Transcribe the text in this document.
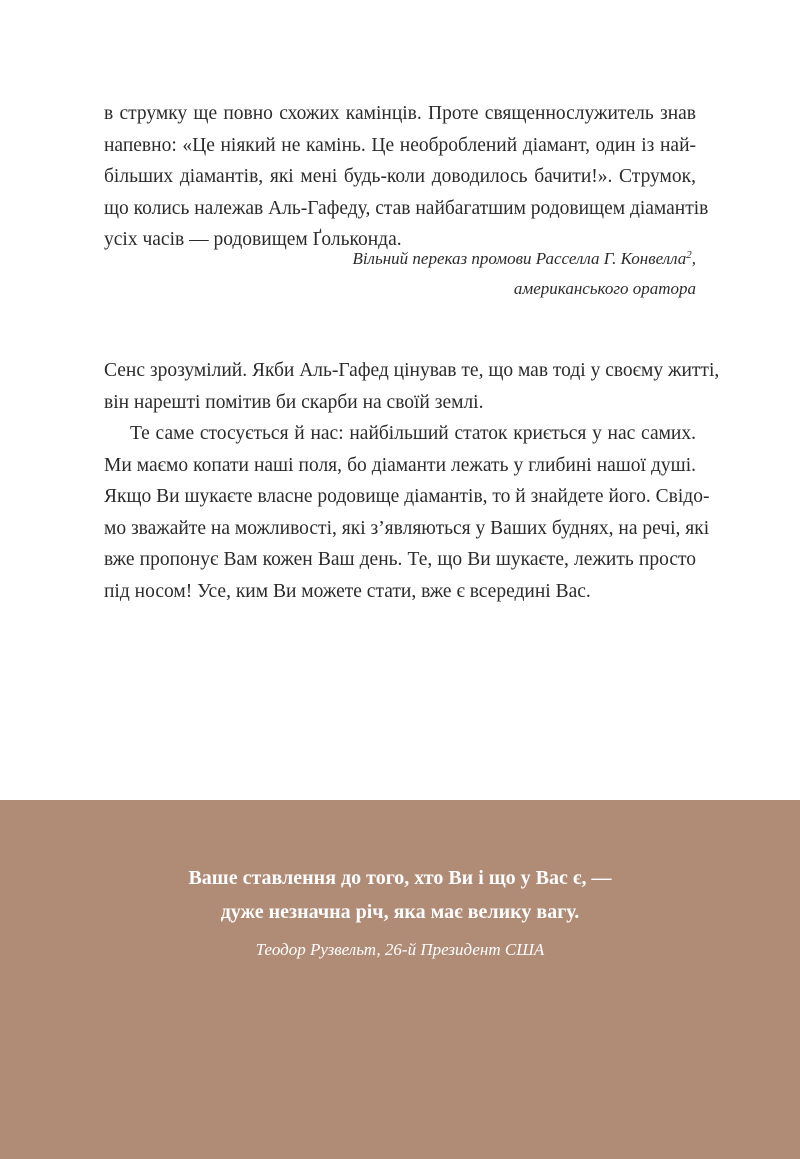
в струмку ще повно схожих камінців. Проте священнослужитель знав
напевно: «Це ніякий не камінь. Це необроблений діамант, один із най-
більших діамантів, які мені будь-коли доводилось бачити!». Струмок,
що колись належав Аль-Гафеду, став найбагатшим родовищем діамантів
усіх часів — родовищем Ґолькондa.
Вільний переказ промови Расселла Г. Конвелла$^2$,
американського оратора
Сенс зрозумілий. Якби Аль-Гафед цінував те, що мав тоді у своєму житті,
він нарешті помітив би скарби на своїй землі.
Те саме стосується й нас: найбільший статок криється у нас самих.
Ми маємо копати наші поля, бо діаманти лежать у глибині нашої душі.
Якщо Ви шукаєте власне родовище діамантів, то й знайдете його. Свідо-
мо зважайте на можливості, які з’являються у Ваших буднях, на речі, які
вже пропонує Вам кожен Ваш день. Те, що Ви шукаєте, лежить просто
під носом! Усе, ким Ви можете стати, вже є всередині Вас.
Ваше ставлення до того, хто Ви і що у Вас є, —
дуже незначна річ, яка має велику вагу.
Теодор Рузвельт, 26-й Президент США
